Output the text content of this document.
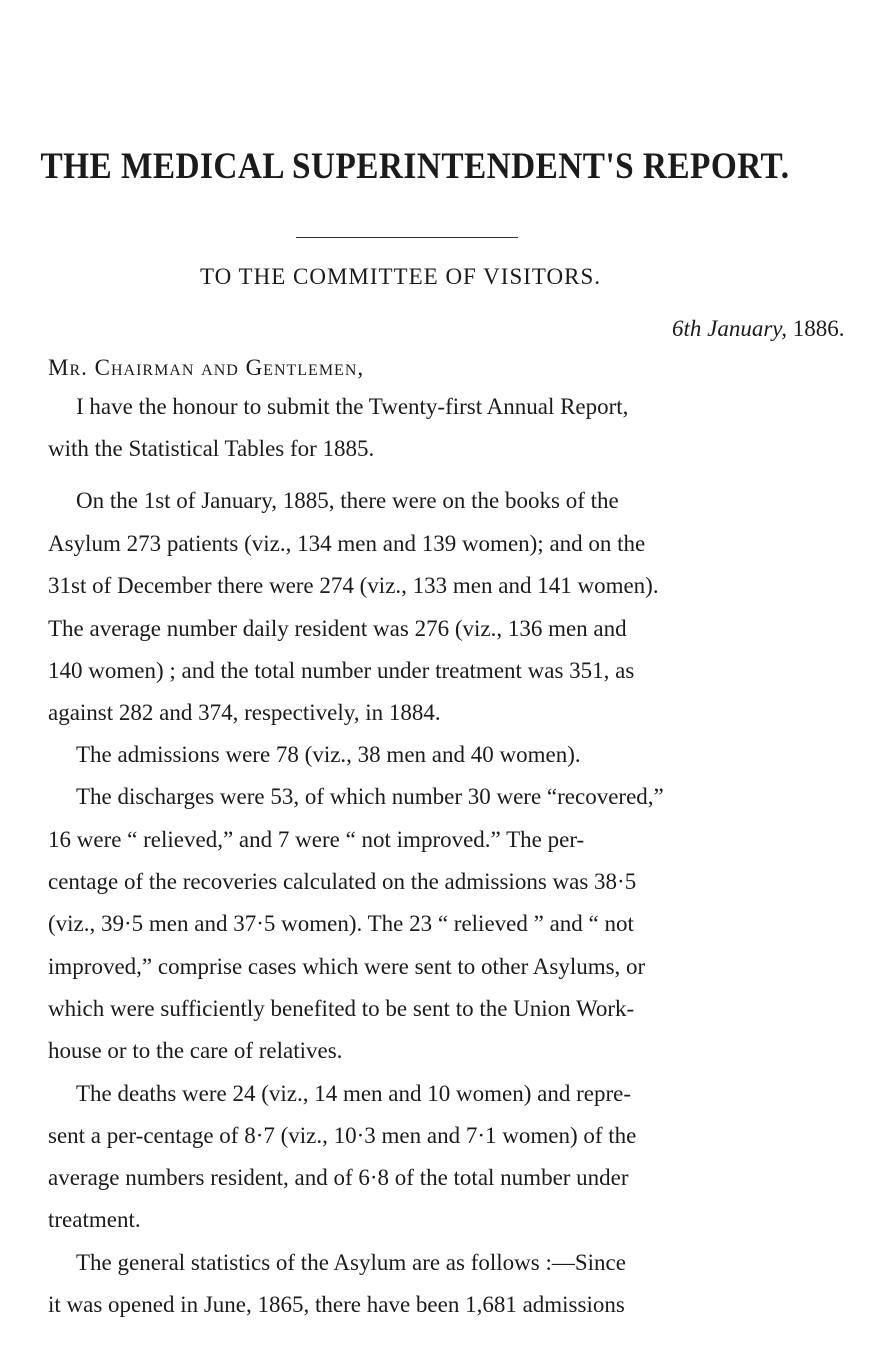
THE MEDICAL SUPERINTENDENT'S REPORT.
TO THE COMMITTEE OF VISITORS.
6th January, 1886.
Mr. Chairman and Gentlemen,
I have the honour to submit the Twenty-first Annual Report,
with the Statistical Tables for 1885.
On the 1st of January, 1885, there were on the books of the
Asylum 273 patients (viz., 134 men and 139 women); and on the
31st of December there were 274 (viz., 133 men and 141 women).
The average number daily resident was 276 (viz., 136 men and
140 women) ; and the total number under treatment was 351, as
against 282 and 374, respectively, in 1884.
The admissions were 78 (viz., 38 men and 40 women).
The discharges were 53, of which number 30 were “recovered,”
16 were “ relieved,” and 7 were “ not improved.” The per-
centage of the recoveries calculated on the admissions was 38·5
(viz., 39·5 men and 37·5 women). The 23 “ relieved ” and “ not
improved,” comprise cases which were sent to other Asylums, or
which were sufficiently benefited to be sent to the Union Work-
house or to the care of relatives.
The deaths were 24 (viz., 14 men and 10 women) and repre-
sent a per-centage of 8·7 (viz., 10·3 men and 7·1 women) of the
average numbers resident, and of 6·8 of the total number under
treatment.
The general statistics of the Asylum are as follows :—Since
it was opened in June, 1865, there have been 1,681 admissions
